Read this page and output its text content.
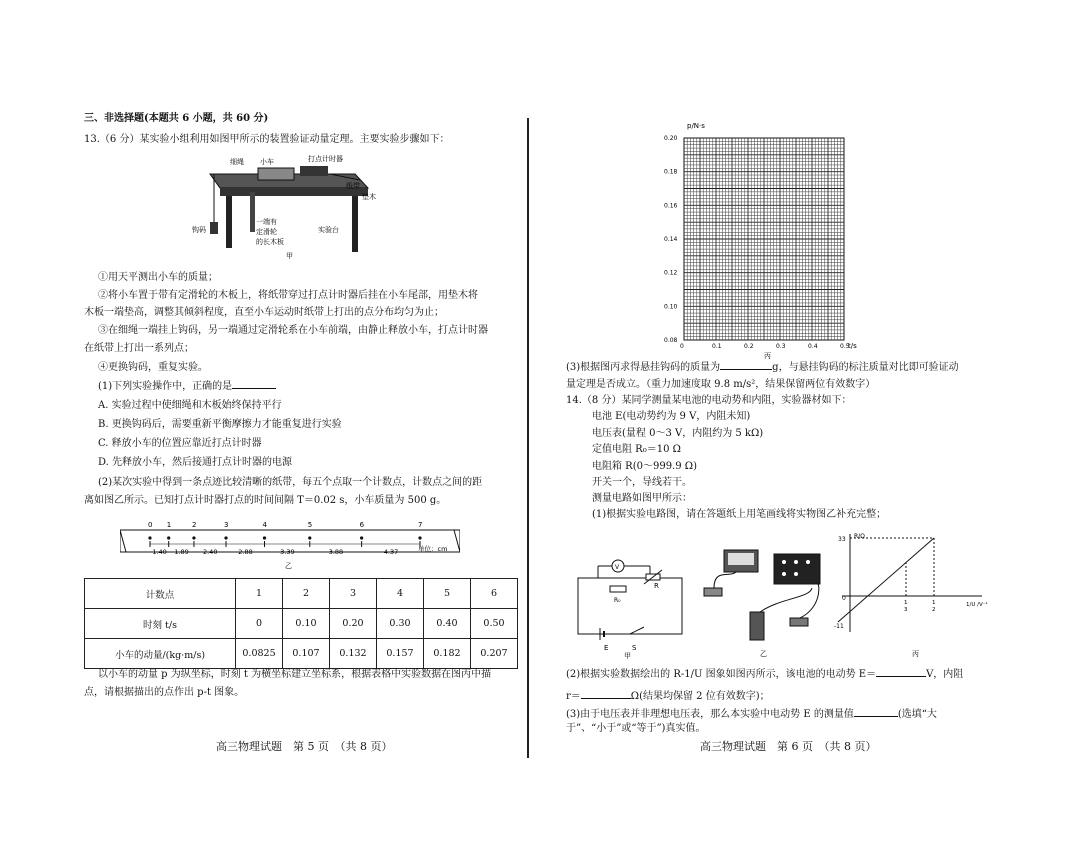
三、非选择题(本题共 6 小题，共 60 分)
13.（6 分）某实验小组利用如图甲所示的装置验证动量定理。主要实验步骤如下：
细绳 小车	打点计时器
纸带
垫木
钩码
一端有
定滑轮
的长木板
实验台
甲
①用天平测出小车的质量；
②将小车置于带有定滑轮的木板上，将纸带穿过打点计时器后挂在小车尾部，用垫木将
木板一端垫高，调整其倾斜程度，直至小车运动时纸带上打出的点分布均匀为止；
③在细绳一端挂上钩码，另一端通过定滑轮系在小车前端，由静止释放小车，打点计时器
在纸带上打出一系列点；
④更换钩码，重复实验。
(1)下列实验操作中，正确的是
A. 实验过程中使细绳和木板始终保持平行
B. 更换钩码后，需要重新平衡摩擦力才能重复进行实验
C. 释放小车的位置应靠近打点计时器
D. 先释放小车，然后接通打点计时器的电源
(2)某次实验中得到一条点迹比较清晰的纸带，每五个点取一个计数点，计数点之间的距
离如图乙所示。已知打点计时器打点的时间间隔 T＝0.02 s，小车质量为 500 g。
0 1	2	3	4	5	6	7
1.40 1.89 2.40	2.88	3.39	3.88	4.37	单位：cm
乙
计数点	1	2	3	4	5	6
时刻 t/s	0	0.10	0.20	0.30	0.40	0.50
小车的动量/(kg·m/s)	0.0825	0.107	0.132	0.157	0.182	0.207
以小车的动量 p 为纵坐标，时刻 t 为横坐标建立坐标系，根据表格中实验数据在图丙中描
点，请根据描出的点作出 p-t 图象。
高三物理试题　第 5 页　（共 8 页）
p/N·s
t/s
0.20
0.18
0.16
0.14
0.12
0.10
0.08
0	0.1	0.2	0.3	0.4	0.5
丙
(3)根据图丙求得悬挂钩码的质量为	g，与悬挂钩码的标注质量对比即可验证动
量定理是否成立。（重力加速度取 9.8 m/s²，结果保留两位有效数字）
14.（8 分）某同学测量某电池的电动势和内阻，实验器材如下：
电池 E(电动势约为 9 V，内阻未知)
电压表(量程 0～3 V，内阻约为 5 kΩ)
定值电阻 R₀＝10 Ω
电阻箱 R(0～999.9 Ω)
开关一个，导线若干。
测量电路如图甲所示：
(1)根据实验电路图，请在答题纸上用笔画线将实物图乙补充完整；
V
R
R₀
E	S
甲	乙
R/Ω
33
0
-11
1
3
1
2
1/U /V⁻¹
丙
(2)根据实验数据绘出的 R-1/U 图象如图丙所示，该电池的电动势 E＝	V，内阻
r＝	Ω(结果均保留 2 位有效数字)；
(3)由于电压表并非理想电压表，那么本实验中电动势 E 的测量值	(选填“大
于”、“小于”或“等于”)真实值。
高三物理试题　第 6 页　（共 8 页）
